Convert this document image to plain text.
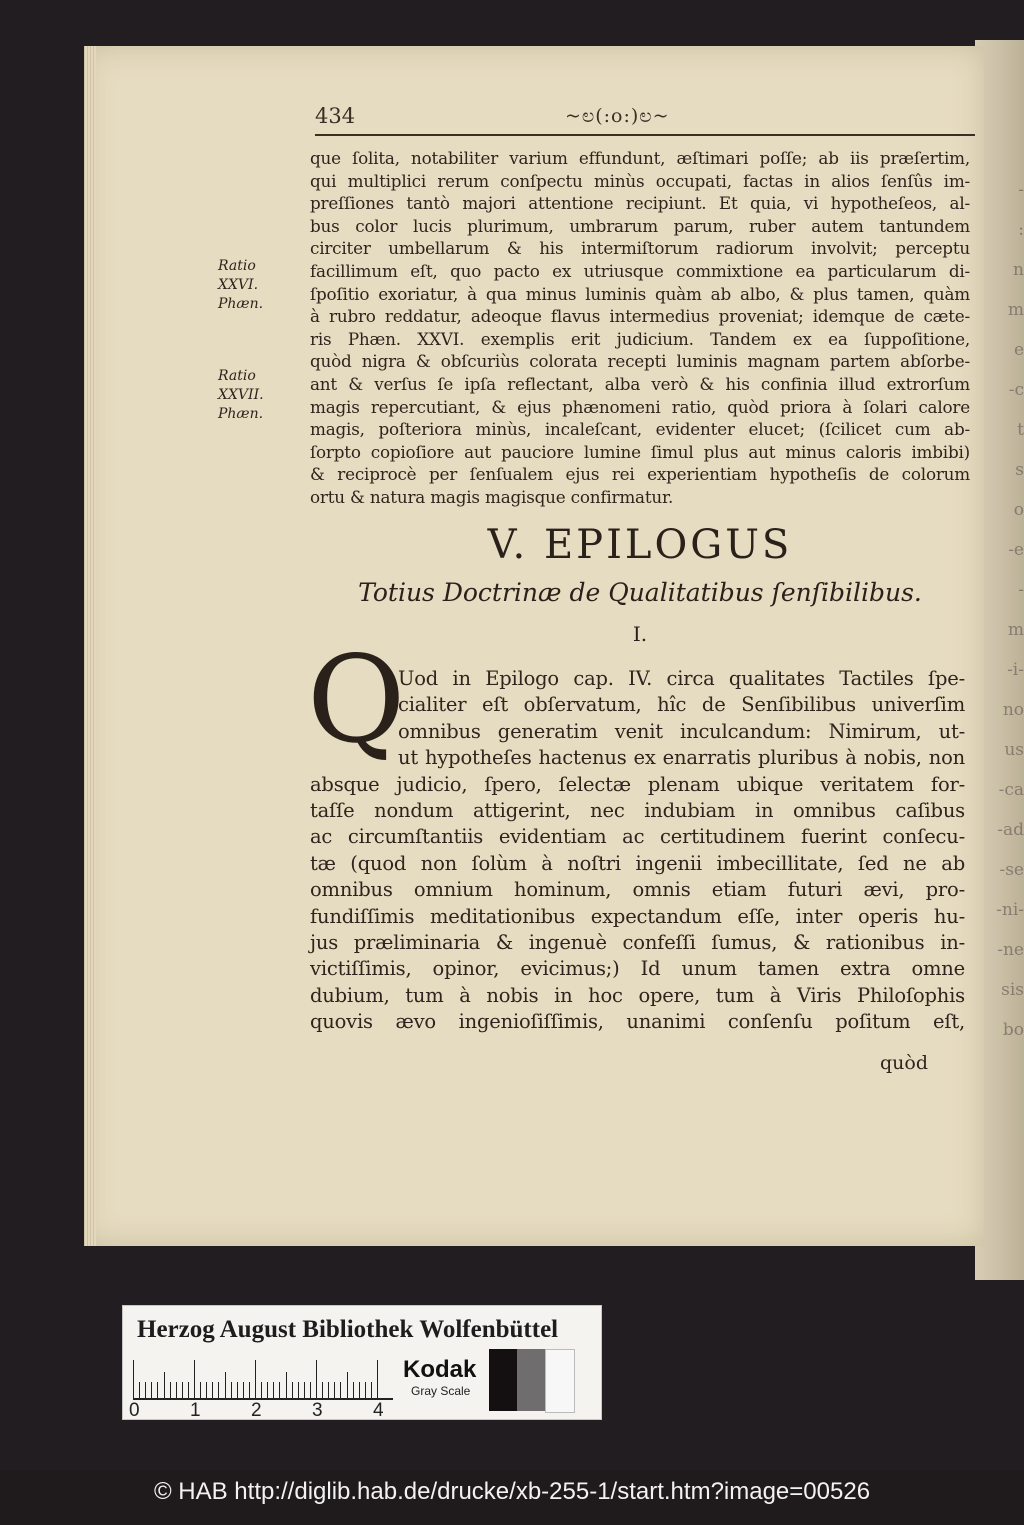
-
:
n
m
e
-c
t
s
o
-e
-
m
-i-
no
us
-ca
-ad
-se
-ni-
-ne
sis
bo
434	~ಲ(:o:)ಲ~
que ſolita, notabiliter varium effundunt, æſtimari poſſe; ab iis præſertim,
qui multiplici rerum conſpectu minùs occupati, factas in alios ſenſûs im-
preſſiones tantò majori attentione recipiunt. Et quia, vi hypotheſeos, al-
bus color lucis plurimum, umbrarum parum, ruber autem tantundem
circiter umbellarum & his intermiſtorum radiorum involvit; perceptu
facillimum eſt, quo pacto ex utriusque commixtione ea particularum di-
ſpoſitio exoriatur, à qua minus luminis quàm ab albo, & plus tamen, quàm
à rubro reddatur, adeoque flavus intermedius proveniat; idemque de cæte-
ris Phæn. XXVI. exemplis erit judicium. Tandem ex ea ſuppoſitione,
quòd nigra & obſcuriùs colorata recepti luminis magnam partem abſorbe-
ant & verſus ſe ipſa reflectant, alba verò & his confinia illud extrorſum
magis repercutiant, & ejus phænomeni ratio, quòd priora à ſolari calore
magis, poſteriora minùs, incaleſcant, evidenter elucet; (ſcilicet cum ab-
ſorpto copioſiore aut pauciore lumine ſimul plus aut minus caloris imbibi)
& reciprocè per ſenſualem ejus rei experientiam hypotheſis de colorum
ortu & natura magis magisque confirmatur.
Ratio
XXVI.
Phæn.
Ratio
XXVII.
Phæn.
V. EPILOGUS
Totius Doctrinæ de Qualitatibus ſenſibilibus.
I.
Q
Uod in Epilogo cap. IV. circa qualitates Tactiles ſpe-
cialiter eſt obſervatum, hîc de Senſibilibus univerſim
omnibus generatim venit inculcandum: Nimirum, ut-
ut hypotheſes hactenus ex enarratis pluribus à nobis, non
absque judicio, ſpero, ſelectæ plenam ubique veritatem for-
taſſe nondum attigerint, nec indubiam in omnibus caſibus
ac circumſtantiis evidentiam ac certitudinem fuerint conſecu-
tæ (quod non ſolùm à noſtri ingenii imbecillitate, ſed ne ab
omnibus omnium hominum, omnis etiam futuri ævi, pro-
fundiſſimis meditationibus expectandum eſſe, inter operis hu-
jus præliminaria & ingenuè confeſſi ſumus, & rationibus in-
victiſſimis, opinor, evicimus;) Id unum tamen extra omne
dubium, tum à nobis in hoc opere, tum à Viris Philoſophis
quovis ævo ingenioſiſſimis, unanimi conſenſu poſitum eſt,
quòd
Herzog August Bibliothek Wolfenbüttel
0	1	2	3	4
Kodak
Gray Scale
© HAB http://diglib.hab.de/drucke/xb-255-1/start.htm?image=00526
